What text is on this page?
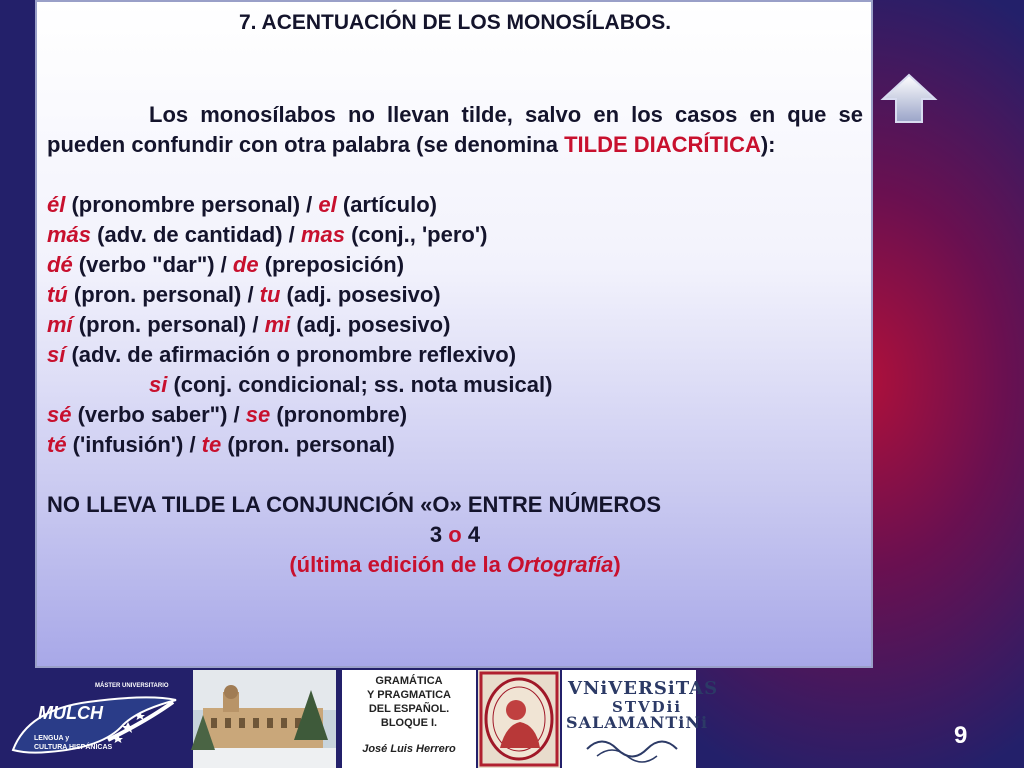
7. ACENTUACIÓN DE LOS MONOSÍLABOS.
Los monosílabos no llevan tilde, salvo en los casos en que se pueden confundir con otra palabra (se denomina TILDE DIACRÍTICA):
él (pronombre personal) / el (artículo)
más (adv. de cantidad) / mas (conj., 'pero')
dé (verbo "dar") / de (preposición)
tú (pron. personal) / tu (adj. posesivo)
mí (pron. personal) / mi (adj. posesivo)
sí (adv. de afirmación o pronombre reflexivo)
si (conj. condicional; ss. nota musical)
sé (verbo saber") / se (pronombre)
té ('infusión') / te (pron. personal)
NO LLEVA TILDE LA CONJUNCIÓN «O» ENTRE NÚMEROS
3 o 4
(última edición de la Ortografía)
MÁSTER UNIVERSITARIO
MULCH
LENGUA y
CULTURA HISPÁNICAS
GRAMÁTICA
Y PRAGMATICA
DEL ESPAÑOL.
BLOQUE I.
José Luis Herrero
VNiVERSiTAS
STVDii
SALAMANTiNi	9
